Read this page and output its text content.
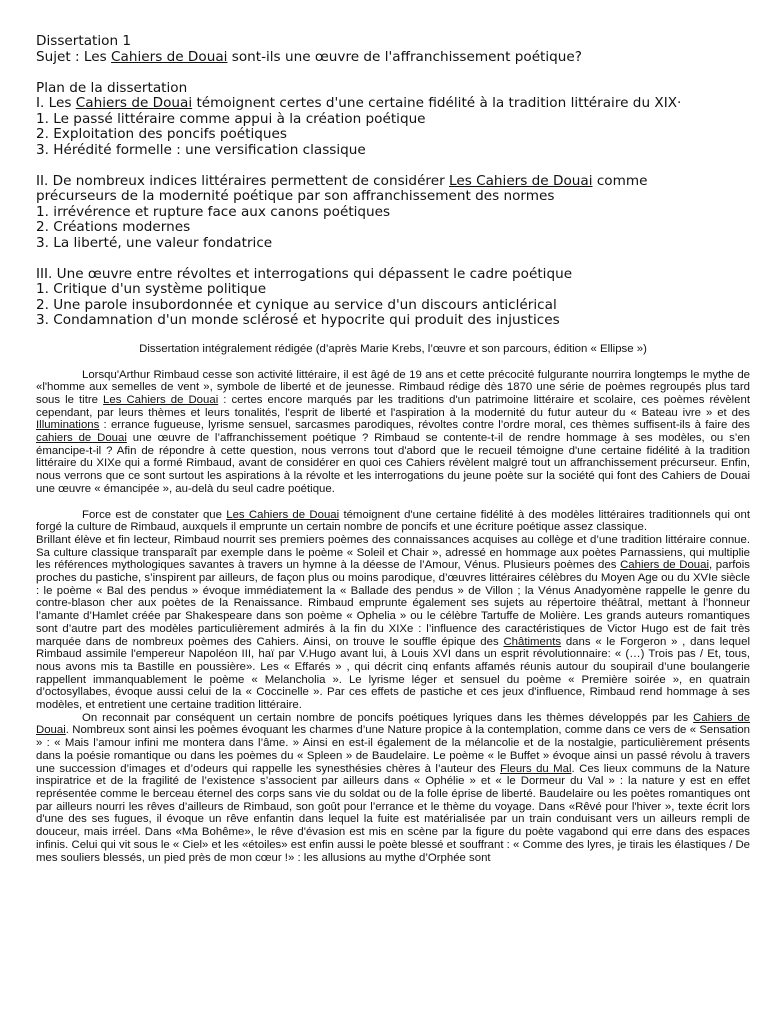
Dissertation 1

Sujet : Les Cahiers de Douai sont-ils une œuvre de l'affranchissement poétique?

Plan de la dissertation

I. Les Cahiers de Douai témoignent certes d'une certaine fidélité à la tradition littéraire du XIX·

1. Le passé littéraire comme appui à la création poétique

2. Exploitation des poncifs poétiques

3. Hérédité formelle : une versification classique

II. De nombreux indices littéraires permettent de considérer Les Cahiers de Douai comme

précurseurs de la modernité poétique par son affranchissement des normes

1. irrévérence et rupture face aux canons poétiques

2. Créations modernes

3. La liberté, une valeur fondatrice

III. Une œuvre entre révoltes et interrogations qui dépassent le cadre poétique

1. Critique d'un système politique

2. Une parole insubordonnée et cynique au service d'un discours anticlérical

3. Condamnation d'un monde sclérosé et hypocrite qui produit des injustices

Dissertation intégralement rédigée (d’après Marie Krebs, l’œuvre et son parcours, édition « Ellipse »)

Lorsqu'Arthur Rimbaud cesse son activité littéraire, il est âgé de 19 ans et cette précocité fulgurante nourrira longtemps le mythe de «l'homme aux semelles de vent », symbole de liberté et de jeunesse. Rimbaud rédige dès 1870 une série de poèmes regroupés plus tard sous le titre Les Cahiers de Douai : certes encore marqués par les traditions d'un patrimoine littéraire et scolaire, ces poèmes révèlent cependant, par leurs thèmes et leurs tonalités, l'esprit de liberté et l'aspiration à la modernité du futur auteur du « Bateau ivre » et des Illuminations : errance fugueuse, lyrisme sensuel, sarcasmes parodiques, révoltes contre l’ordre moral, ces thèmes suffisent-ils à faire des cahiers de Douai une œuvre de l’affranchissement poétique ? Rimbaud se contente-t-il de rendre hommage à ses modèles, ou s’en émancipe-t-il ? Afin de répondre à cette question, nous verrons tout d'abord que le recueil témoigne d'une certaine fidélité à la tradition littéraire du XIXe qui a formé Rimbaud, avant de considérer en quoi ces Cahiers révèlent malgré tout un affranchissement précurseur. Enfin, nous verrons que ce sont surtout les aspirations à la révolte et les interrogations du jeune poète sur la société qui font des Cahiers de Douai une œuvre « émancipée », au-delà du seul cadre poétique.

Force est de constater que Les Cahiers de Douai témoignent d'une certaine fidélité à des modèles littéraires traditionnels qui ont forgé la culture de Rimbaud, auxquels il emprunte un certain nombre de poncifs et une écriture poétique assez classique.

Brillant élève et fin lecteur, Rimbaud nourrit ses premiers poèmes des connaissances acquises au collège et d’une tradition littéraire connue. Sa culture classique transparaît par exemple dans le poème « Soleil et Chair », adressé en hommage aux poètes Parnassiens, qui multiplie les références mythologiques savantes à travers un hymne à la déesse de l’Amour, Vénus. Plusieurs poèmes des Cahiers de Douai, parfois proches du pastiche, s’inspirent par ailleurs, de façon plus ou moins parodique, d’œuvres littéraires célèbres du Moyen Age ou du XVIe siècle : le poème « Bal des pendus » évoque immédiatement la « Ballade des pendus » de Villon ; la Vénus Anadyomène rappelle le genre du contre-blason cher aux poètes de la Renaissance. Rimbaud emprunte également ses sujets au répertoire théâtral, mettant à l’honneur l’amante d’Hamlet créée par Shakespeare dans son poème « Ophelia » ou le célèbre Tartuffe de Molière. Les grands auteurs romantiques sont d’autre part des modèles particulièrement admirés à la fin du XIXe : l’influence des caractéristiques de Victor Hugo est de fait très marquée dans de nombreux poèmes des Cahiers. Ainsi, on trouve le souffle épique des Châtiments dans « le Forgeron » , dans lequel Rimbaud assimile l'empereur Napoléon III, haï par V.Hugo avant lui, à Louis XVI dans un esprit révolutionnaire: « (…) Trois pas / Et, tous, nous avons mis ta Bastille en poussière». Les « Effarés » , qui décrit cinq enfants affamés réunis autour du soupirail d’une boulangerie rappellent immanquablement le poème « Melancholia ». Le lyrisme léger et sensuel du poème « Première soirée », en quatrain d’octosyllabes, évoque aussi celui de la « Coccinelle ». Par ces effets de pastiche et ces jeux d'influence, Rimbaud rend hommage à ses modèles, et entretient une certaine tradition littéraire.

On reconnait par conséquent un certain nombre de poncifs poétiques lyriques dans les thèmes développés par les Cahiers de Douai. Nombreux sont ainsi les poèmes évoquant les charmes d’une Nature propice à la contemplation, comme dans ce vers de « Sensation » : « Mais l’amour infini me montera dans l’âme. » Ainsi en est-il également de la mélancolie et de la nostalgie, particulièrement présents dans la poésie romantique ou dans les poèmes du « Spleen » de Baudelaire. Le poème « le Buffet » évoque ainsi un passé révolu à travers une succession d’images et d’odeurs qui rappelle les synesthésies chères à l’auteur des Fleurs du Mal. Ces lieux communs de la Nature inspiratrice et de la fragilité de l’existence s’associent par ailleurs dans « Ophélie » et « le Dormeur du Val » : la nature y est en effet représentée comme le berceau éternel des corps sans vie du soldat ou de la folle éprise de liberté. Baudelaire ou les poètes romantiques ont par ailleurs nourri les rêves d’ailleurs de Rimbaud, son goût pour l’errance et le thème du voyage. Dans «Rêvé pour l'hiver », texte écrit lors d'une des ses fugues, il évoque un rêve enfantin dans lequel la fuite est matérialisée par un train conduisant vers un ailleurs rempli de douceur, mais irréel. Dans «Ma Bohême», le rêve d'évasion est mis en scène par la figure du poète vagabond qui erre dans des espaces infinis. Celui qui vit sous le « Ciel» et les «étoiles» est enfin aussi le poète blessé et souffrant : « Comme des lyres, je tirais les élastiques / De mes souliers blessés, un pied près de mon cœur !» : les allusions au mythe d’Orphée sont
